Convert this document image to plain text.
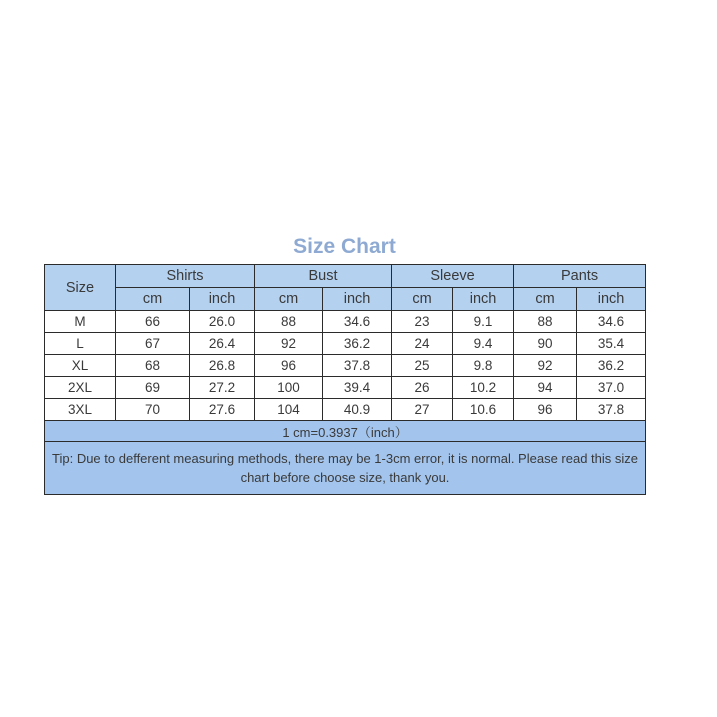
Size Chart
Size	Shirts		Bust		Sleeve		Pants	
	cm	inch	cm	inch	cm	inch	cm	inch
M	66	26.0	88	34.6	23	9.1	88	34.6
L	67	26.4	92	36.2	24	9.4	90	35.4
XL	68	26.8	96	37.8	25	9.8	92	36.2
2XL	69	27.2	100	39.4	26	10.2	94	37.0
3XL	70	27.6	104	40.9	27	10.6	96	37.8
1 cm=0.3937（inch）								
Tip: Due to defferent measuring methods, there may be 1-3cm error, it is normal. Please read this size chart before choose size, thank you.								
